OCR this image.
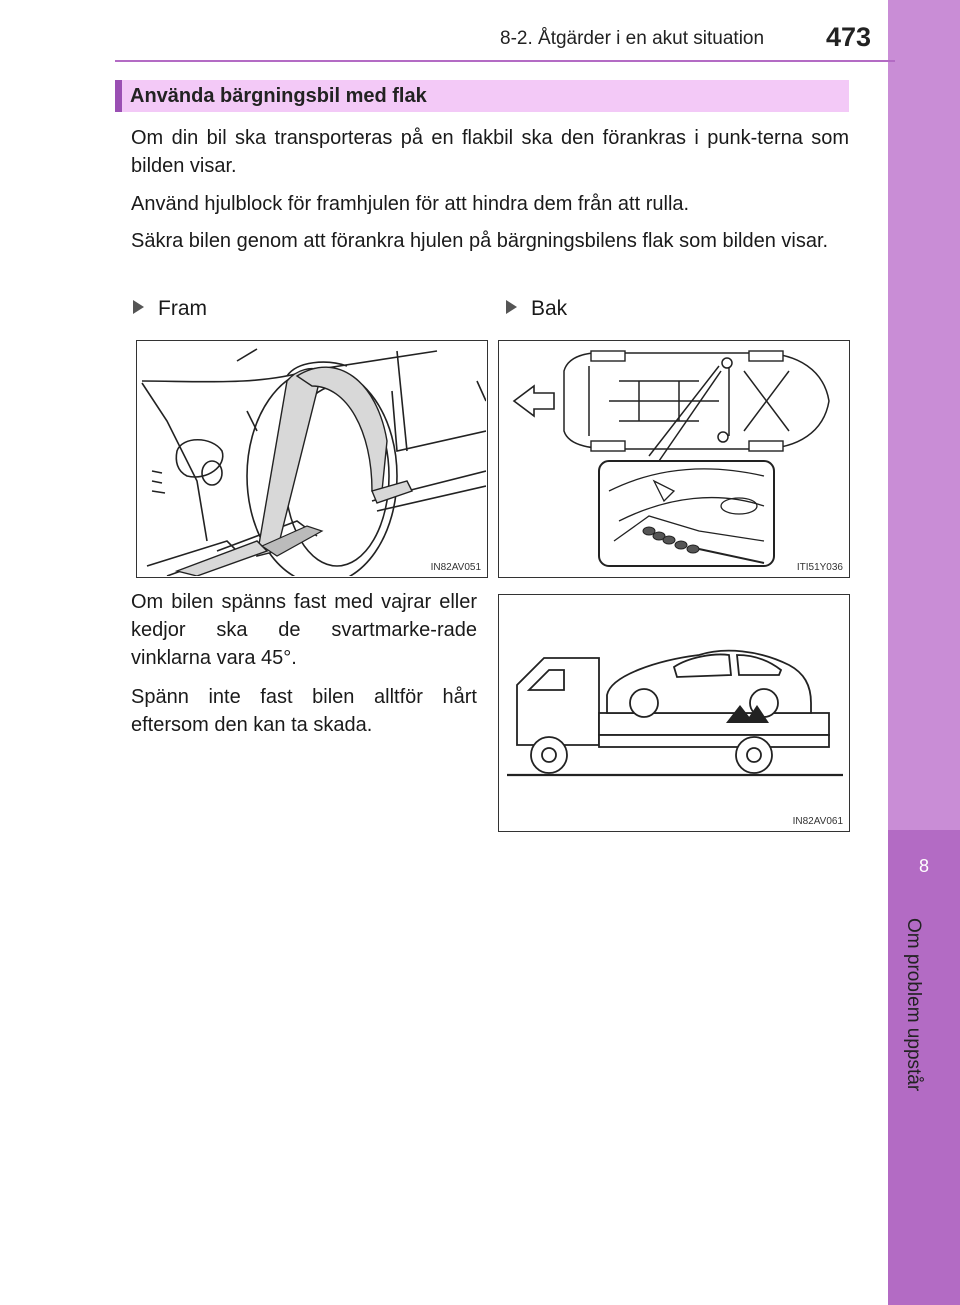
8
Om problem uppstår
8-2. Åtgärder i en akut situation 473
Använda bärgningsbil med flak
Om din bil ska transporteras på en flakbil ska den förankras i punk-terna som bilden visar.
Använd hjulblock för framhjulen för att hindra dem från att rulla.
Säkra bilen genom att förankra hjulen på bärgningsbilens flak som bilden visar.
Fram	Bak
IN82AV051	ITI51Y036
Om bilen spänns fast med vajrar eller kedjor ska de svartmarke-rade vinklarna vara 45°.
Spänn inte fast bilen alltför hårt eftersom den kan ta skada.
IN82AV061
